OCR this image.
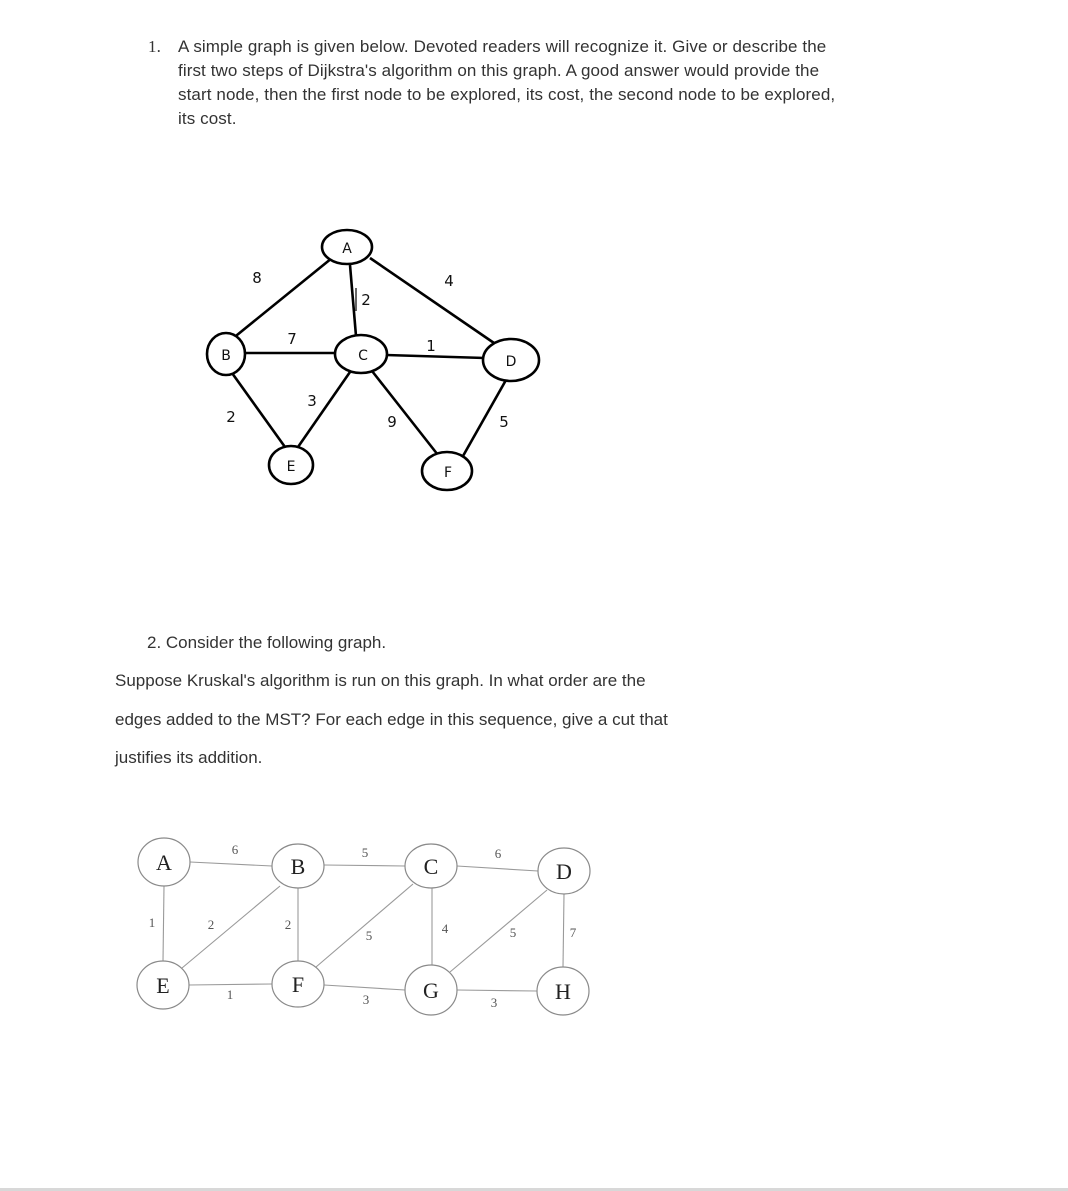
1. A simple graph is given below. Devoted readers will recognize it. Give or describe the
first two steps of Dijkstra's algorithm on this graph. A good answer would provide the
start node, then the first node to be explored, its cost, the second node to be explored,
its cost.
A
B	C	D
E	F
8
2
4
7	1
2
3
9	5
2. Consider the following graph.
Suppose Kruskal's algorithm is run on this graph. In what order are the
edges added to the MST? For each edge in this sequence, give a cut that
justifies its addition.
A	B	C	D
E	F	G	H
6	5	6
1	2	2
5	4	5	7
1	3	3
